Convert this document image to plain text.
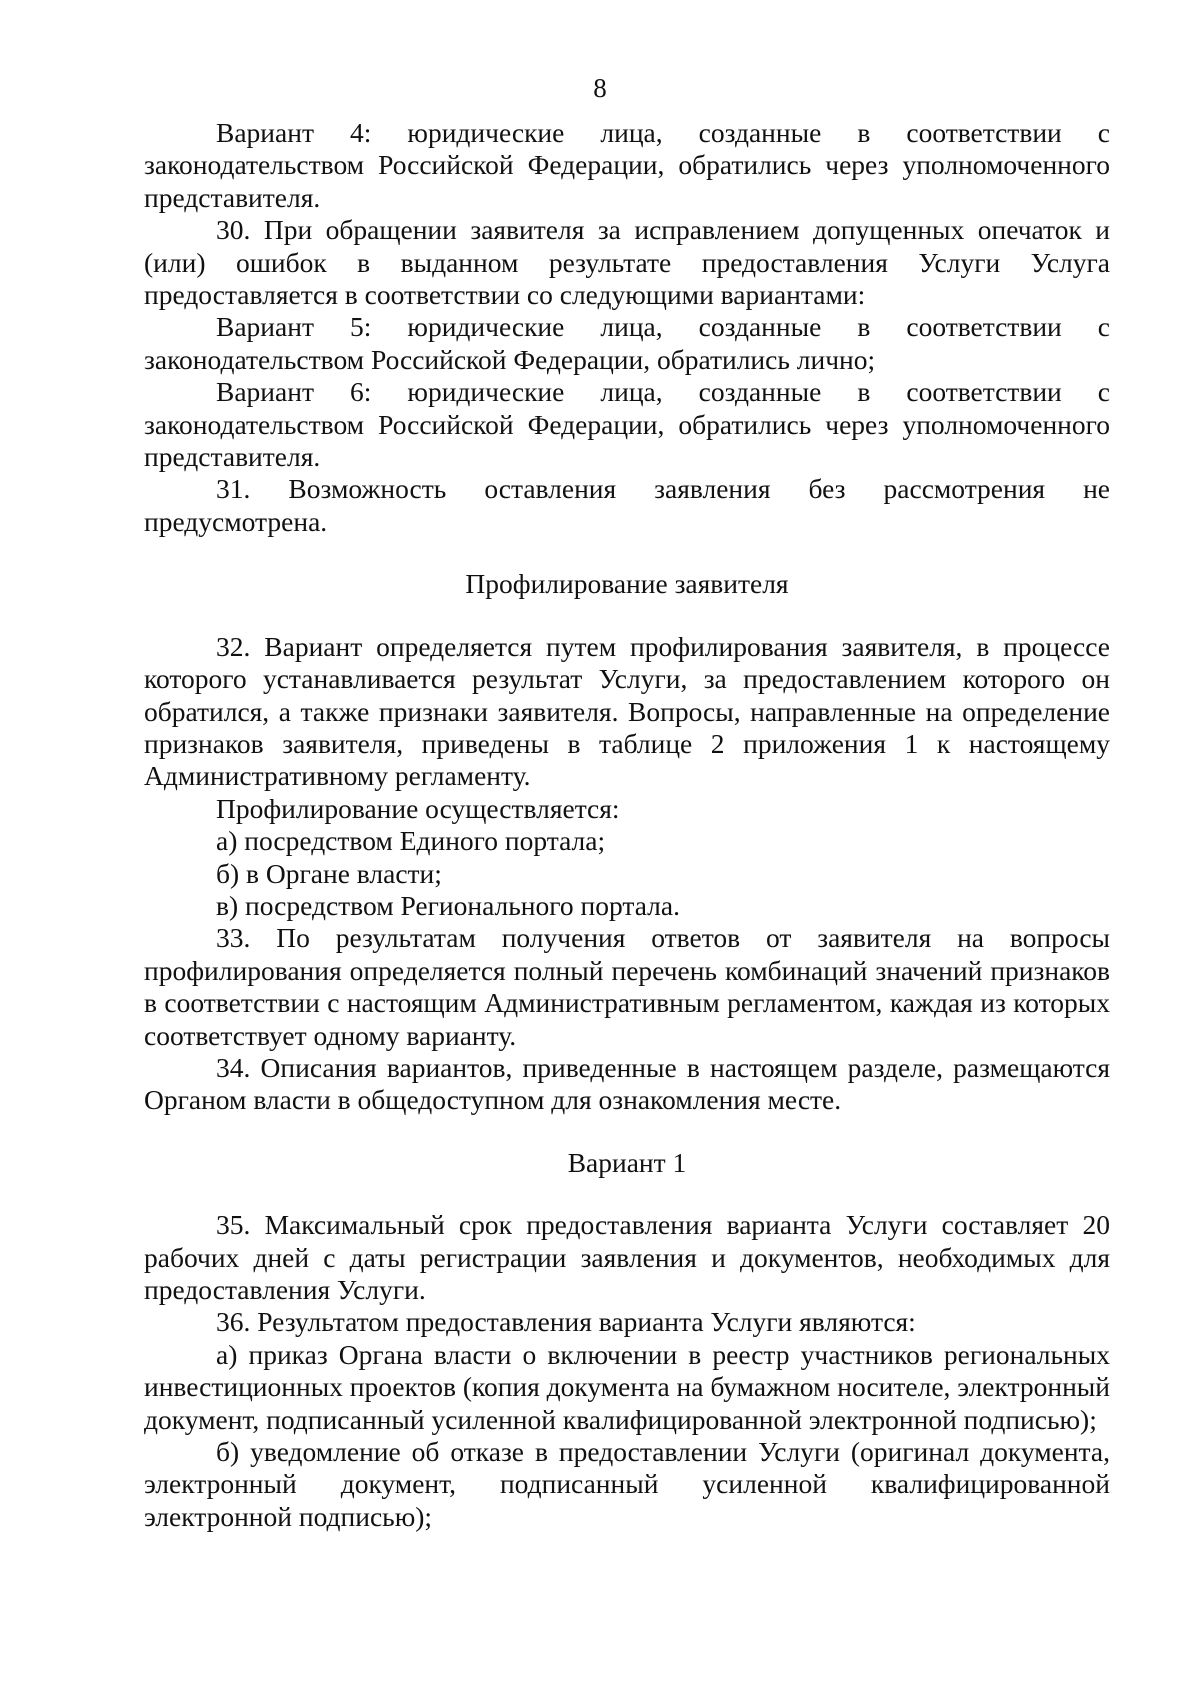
8

Вариант 4: юридические лица, созданные в соответствии с законодательством Российской Федерации, обратились через уполномоченного представителя.

30. При обращении заявителя за исправлением допущенных опечаток и (или) ошибок в выданном результате предоставления Услуги Услуга предоставляется в соответствии со следующими вариантами:

Вариант 5: юридические лица, созданные в соответствии с законодательством Российской Федерации, обратились лично;

Вариант 6: юридические лица, созданные в соответствии с законодательством Российской Федерации, обратились через уполномоченного представителя.

31. Возможность оставления заявления без рассмотрения не предусмотрена.

Профилирование заявителя

32. Вариант определяется путем профилирования заявителя, в процессе которого устанавливается результат Услуги, за предоставлением которого он обратился, а также признаки заявителя. Вопросы, направленные на определение признаков заявителя, приведены в таблице 2 приложения 1 к настоящему Административному регламенту.

Профилирование осуществляется:

а) посредством Единого портала;

б) в Органе власти;

в) посредством Регионального портала.

33. По результатам получения ответов от заявителя на вопросы профилирования определяется полный перечень комбинаций значений признаков в соответствии с настоящим Административным регламентом, каждая из которых соответствует одному варианту.

34. Описания вариантов, приведенные в настоящем разделе, размещаются Органом власти в общедоступном для ознакомления месте.

Вариант 1

35. Максимальный срок предоставления варианта Услуги составляет 20 рабочих дней с даты регистрации заявления и документов, необходимых для предоставления Услуги.

36. Результатом предоставления варианта Услуги являются:

а) приказ Органа власти о включении в реестр участников региональных инвестиционных проектов (копия документа на бумажном носителе, электронный документ, подписанный усиленной квалифицированной электронной подписью);

б) уведомление об отказе в предоставлении Услуги (оригинал документа, электронный документ, подписанный усиленной квалифицированной электронной подписью);
